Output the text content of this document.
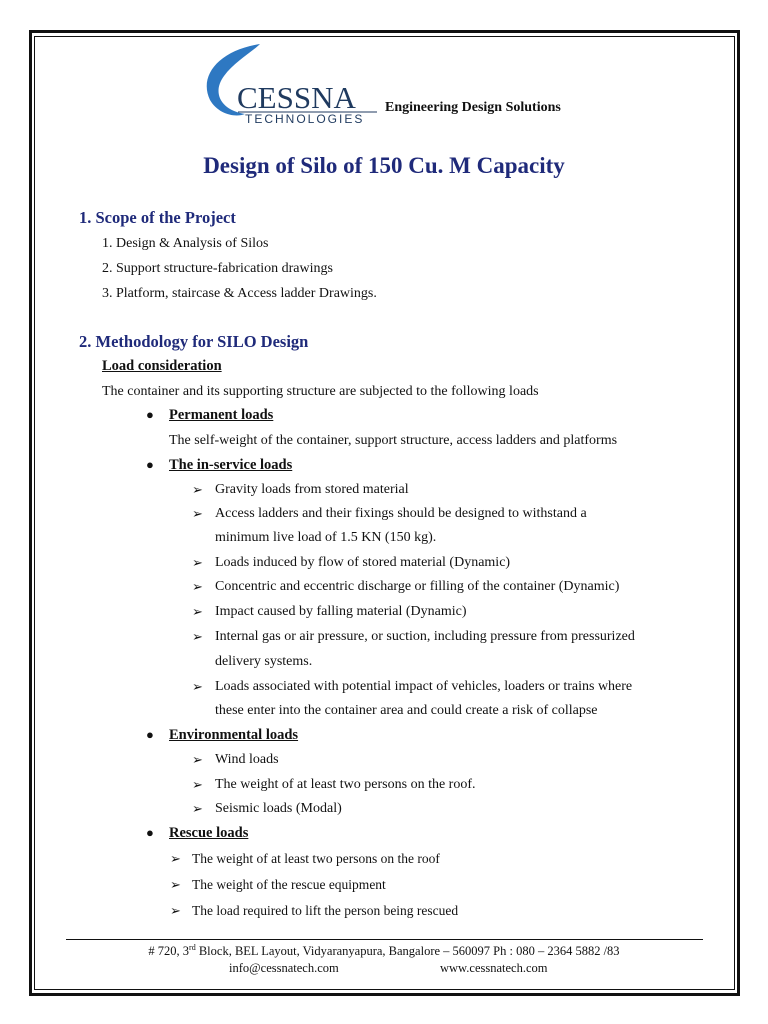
CESSNA
TECHNOLOGIES
Engineering Design Solutions
Design of Silo of 150 Cu. M Capacity
1. Scope of the Project
1. Design & Analysis of Silos
2. Support structure-fabrication drawings
3. Platform, staircase & Access ladder Drawings.
2. Methodology for SILO Design
Load consideration
The container and its supporting structure are subjected to the following loads
● Permanent loads
The self-weight of the container, support structure, access ladders and platforms
● The in-service loads
➢ Gravity loads from stored material
➢ Access ladders and their fixings should be designed to withstand a
minimum live load of 1.5 KN (150 kg).
➢ Loads induced by flow of stored material (Dynamic)
➢ Concentric and eccentric discharge or filling of the container (Dynamic)
➢ Impact caused by falling material (Dynamic)
➢ Internal gas or air pressure, or suction, including pressure from pressurized
delivery systems.
➢ Loads associated with potential impact of vehicles, loaders or trains where
these enter into the container area and could create a risk of collapse
● Environmental loads
➢ Wind loads
➢ The weight of at least two persons on the roof.
➢ Seismic loads (Modal)
● Rescue loads
➢ The weight of at least two persons on the roof
➢ The weight of the rescue equipment
➢ The load required to lift the person being rescued
# 720, 3rd Block, BEL Layout, Vidyaranyapura, Bangalore – 560097 Ph : 080 – 2364 5882 /83
info@cessnatech.com	www.cessnatech.com
